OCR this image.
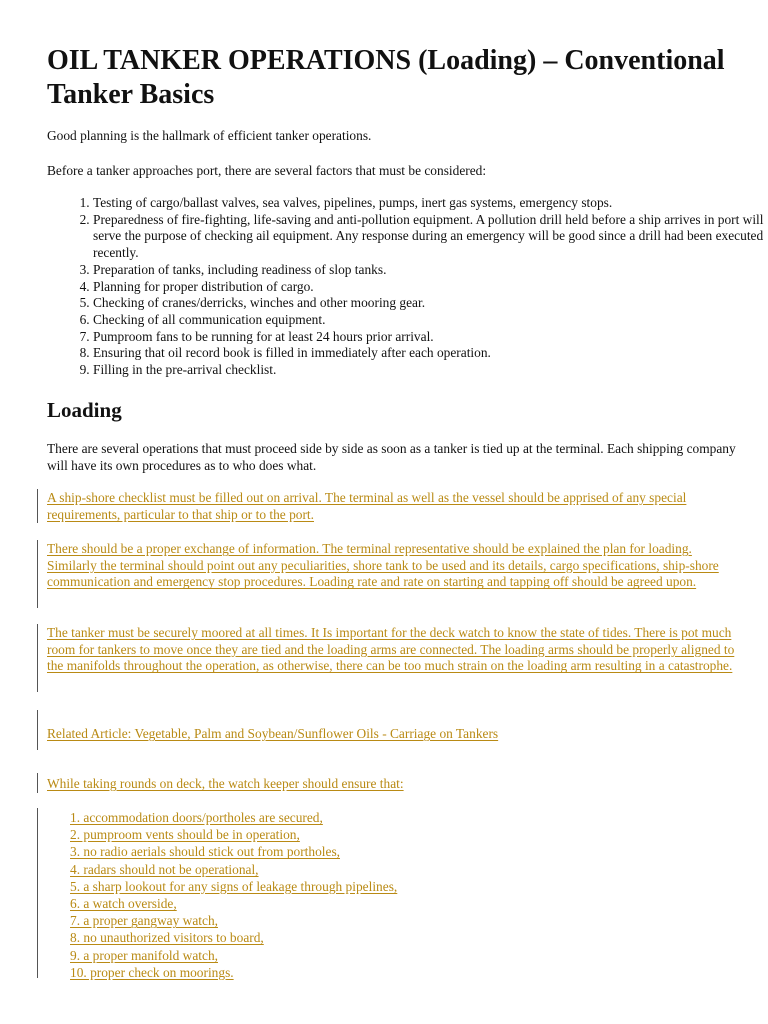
OIL TANKER OPERATIONS (Loading) – Conventional Tanker Basics

Good planning is the hallmark of efficient tanker operations.

Before a tanker approaches port, there are several factors that must be considered:

1. Testing of cargo/ballast valves, sea valves, pipelines, pumps, inert gas systems, emergency stops.
2. Preparedness of fire-fighting, life-saving and anti-pollution equipment. A pollution drill held before a ship arrives in port will serve the purpose of checking ail equipment. Any response during an emergency will be good since a drill had been executed recently.
3. Preparation of tanks, including readiness of slop tanks.
4. Planning for proper distribution of cargo.
5. Checking of cranes/derricks, winches and other mooring gear.
6. Checking of all communication equipment.
7. Pumproom fans to be running for at least 24 hours prior arrival.
8. Ensuring that oil record book is filled in immediately after each operation.
9. Filling in the pre-arrival checklist.
Loading

There are several operations that must proceed side by side as soon as a tanker is tied up at the terminal. Each shipping company will have its own procedures as to who does what.

A ship-shore checklist must be filled out on arrival. The terminal as well as the vessel should be apprised of any special requirements, particular to that ship or to the port.

There should be a proper exchange of information. The terminal representative should be explained the plan for loading. Similarly the terminal should point out any peculiarities, shore tank to be used and its details, cargo specifications, ship-shore communication and emergency stop procedures. Loading rate and rate on starting and tapping off should be agreed upon.

The tanker must be securely moored at all times. It Is important for the deck watch to know the state of tides. There is pot much room for tankers to move once they are tied and the loading arms are connected. The loading arms should be properly aligned to the manifolds throughout the operation, as otherwise, there can be too much strain on the loading arm resulting in a catastrophe.

Related Article: Vegetable, Palm and Soybean/Sunflower Oils - Carriage on Tankers

While taking rounds on deck, the watch keeper should ensure that:

1. accommodation doors/portholes are secured,
2. pumproom vents should be in operation,
3. no radio aerials should stick out from portholes,
4. radars should not be operational,
5. a sharp lookout for any signs of leakage through pipelines,
6. a watch overside,
7. a proper gangway watch,
8. no unauthorized visitors to board,
9. a proper manifold watch,
10. proper check on moorings.
